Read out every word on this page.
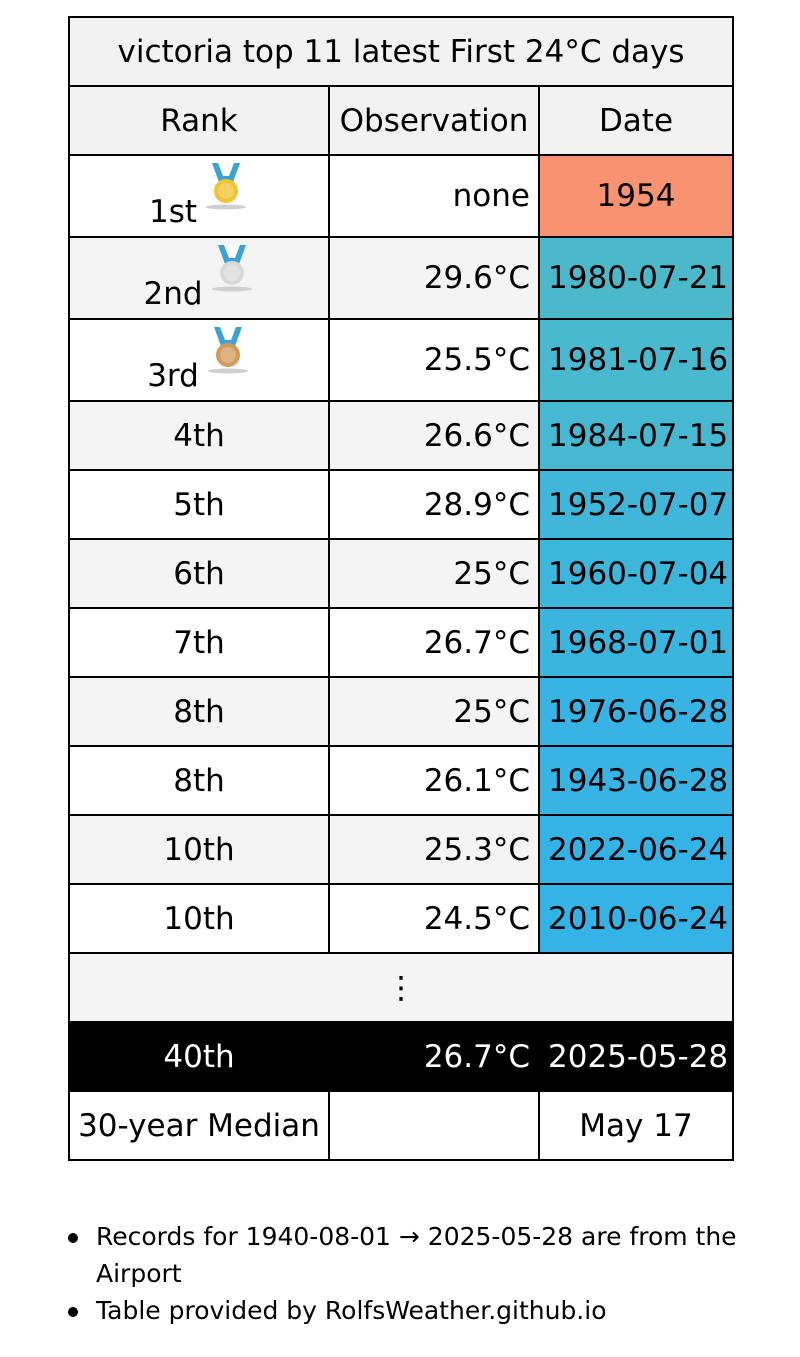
victoria top 11 latest First 24°C days		
Rank	Observation	Date
1st	none	1954
2nd	29.6°C	1980-07-21
3rd	25.5°C	1981-07-16
4th	26.6°C	1984-07-15
5th	28.9°C	1952-07-07
6th	25°C	1960-07-04
7th	26.7°C	1968-07-01
8th	25°C	1976-06-28
8th	26.1°C	1943-06-28
10th	25.3°C	2022-06-24
10th	24.5°C	2010-06-24
⋮		
40th	26.7°C	2025-05-28
30-year Median		May 17
Records for 1940-08-01 → 2025-05-28 are from the Airport
Table provided by RolfsWeather.github.io
